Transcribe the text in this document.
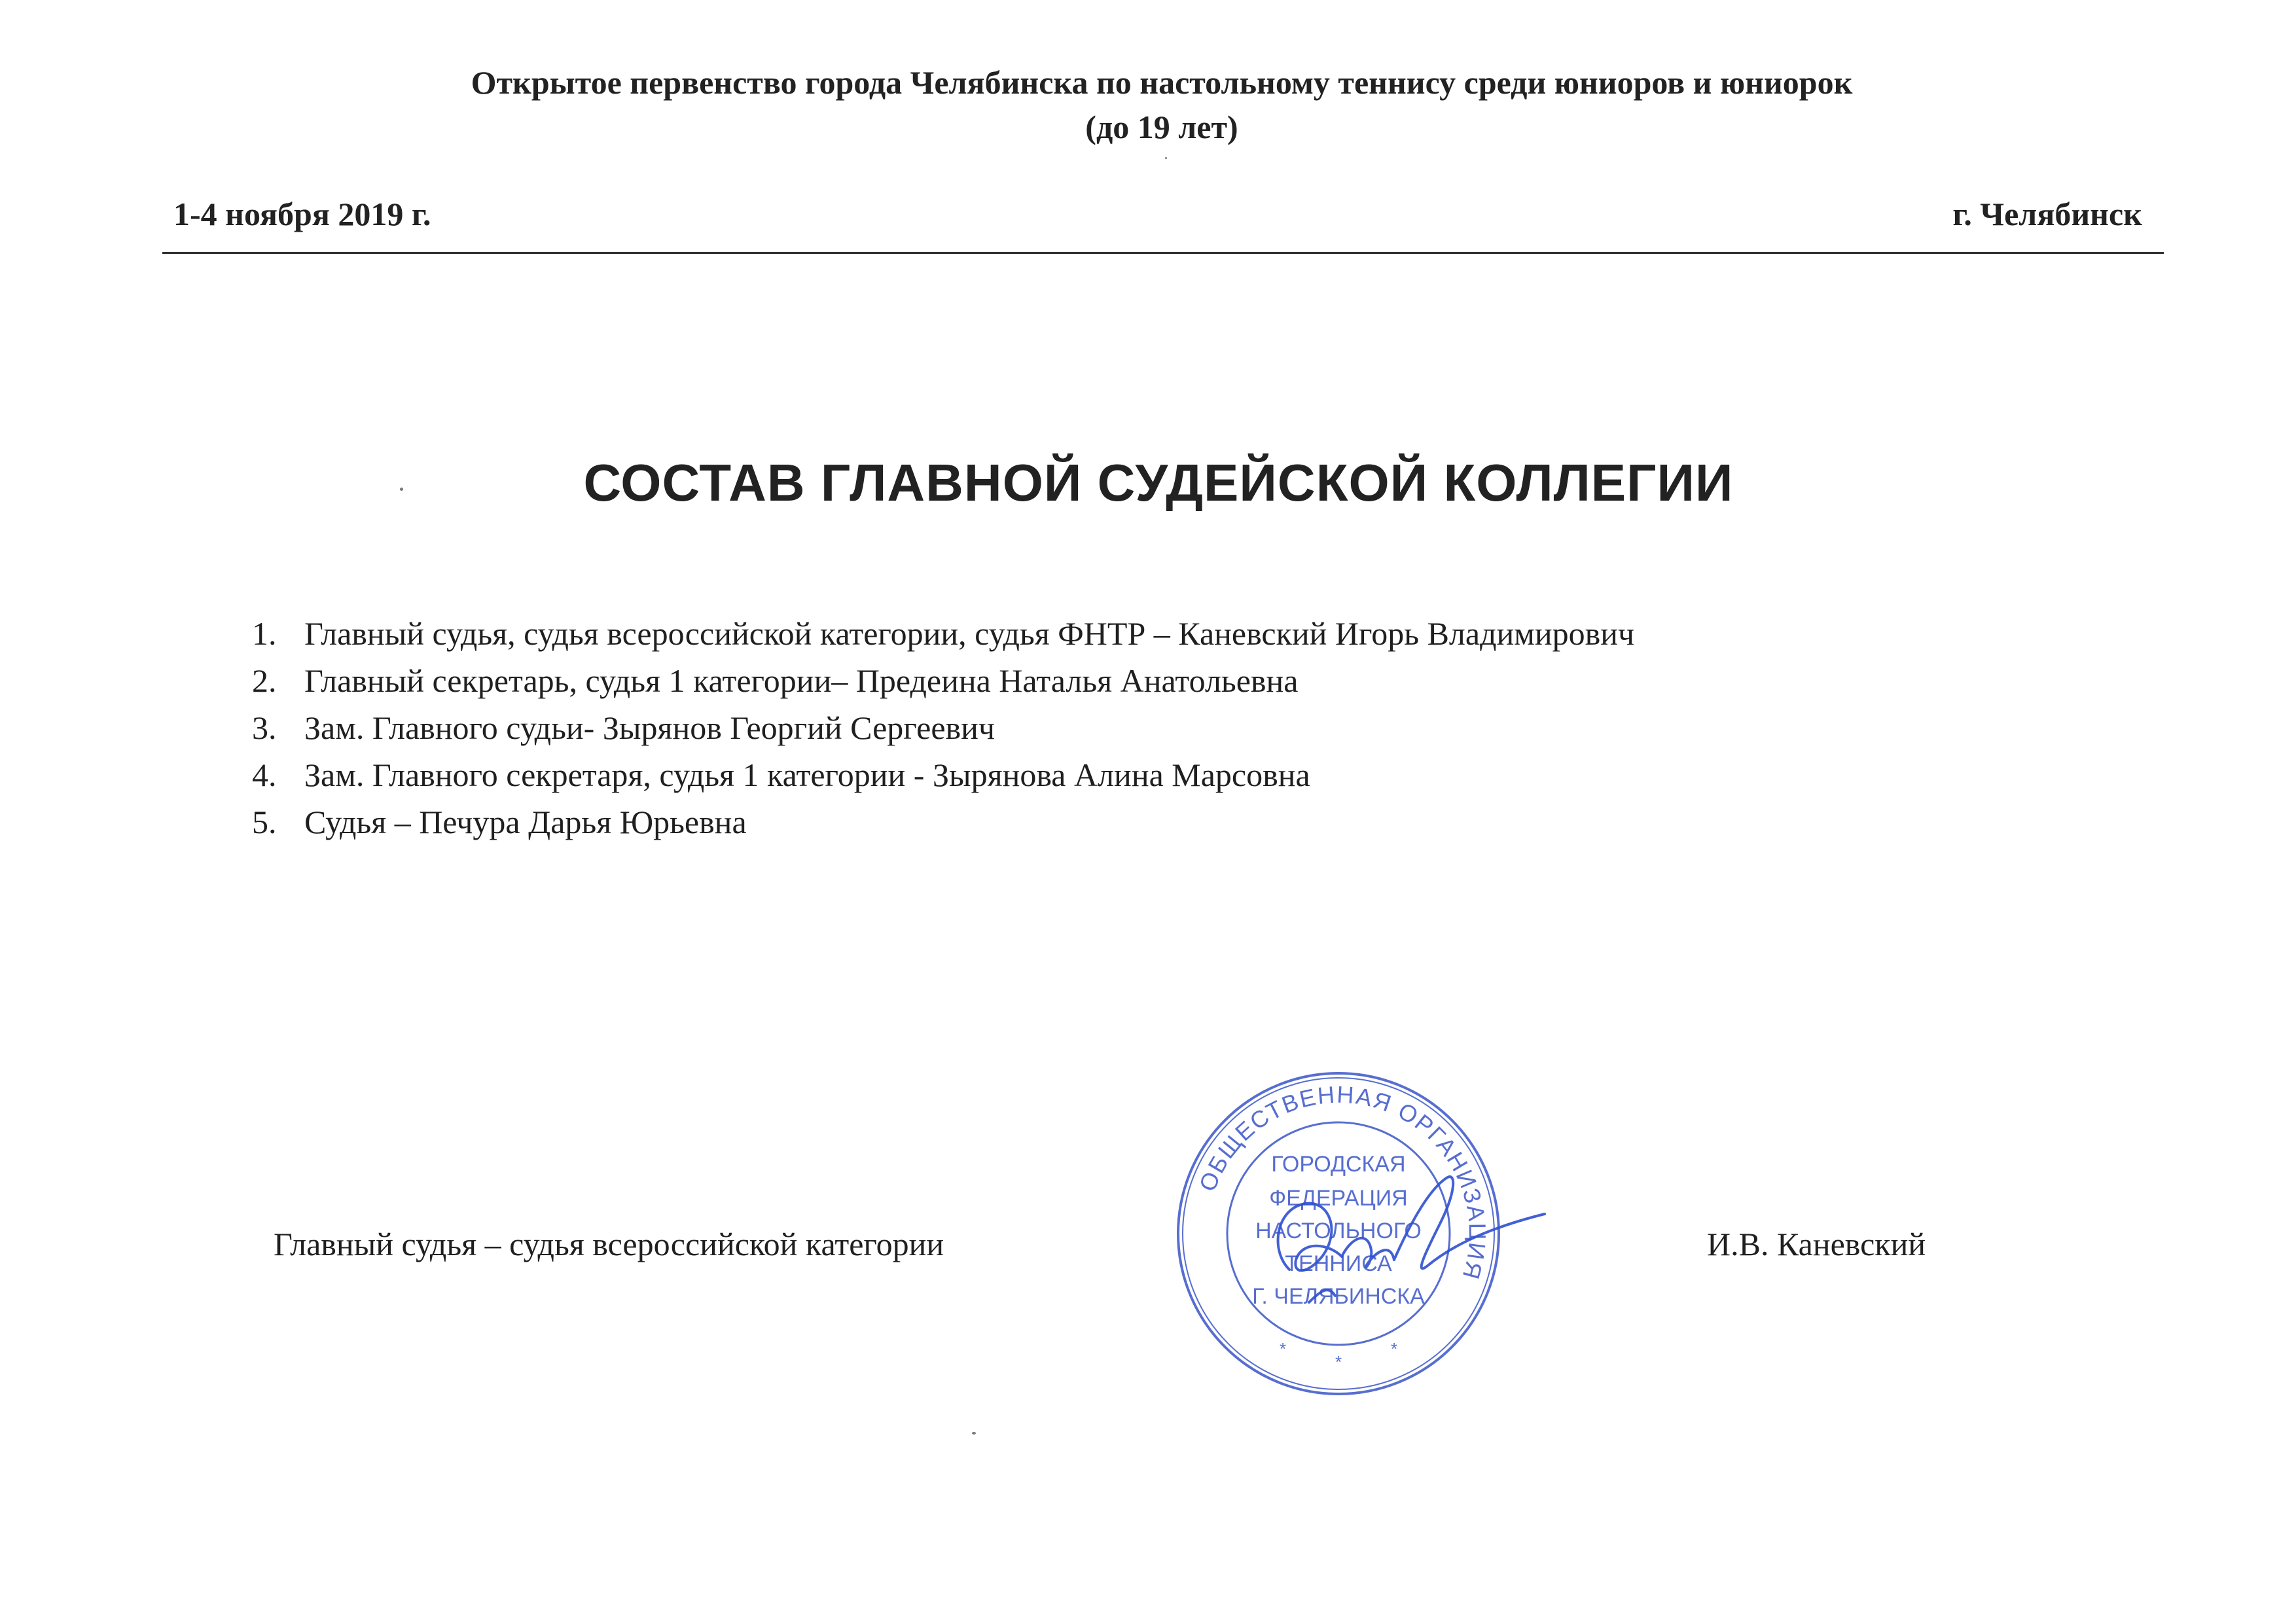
Открытое первенство города Челябинска по настольному теннису среди юниоров и юниорок
(до 19 лет)
1-4 ноября 2019 г.	г. Челябинск
СОСТАВ ГЛАВНОЙ СУДЕЙСКОЙ КОЛЛЕГИИ
1. Главный судья, судья всероссийской категории, судья ФНТР – Каневский Игорь Владимирович
2. Главный секретарь, судья 1 категории– Предеина Наталья Анатольевна
3. Зам. Главного судьи- Зырянов Георгий Сергеевич
4. Зам. Главного секретаря, судья 1 категории - Зырянова Алина Марсовна
5. Судья – Печура Дарья Юрьевна
Главный судья – судья всероссийской категории	И.В. Каневский
ОБЩЕСТВЕННАЯ ОРГАНИЗАЦИЯ
ГОРОДСКАЯ
ФЕДЕРАЦИЯ
НАСТОЛЬНОГО
ТЕННИСА
Г. ЧЕЛЯБИНСКА
*
*
*
